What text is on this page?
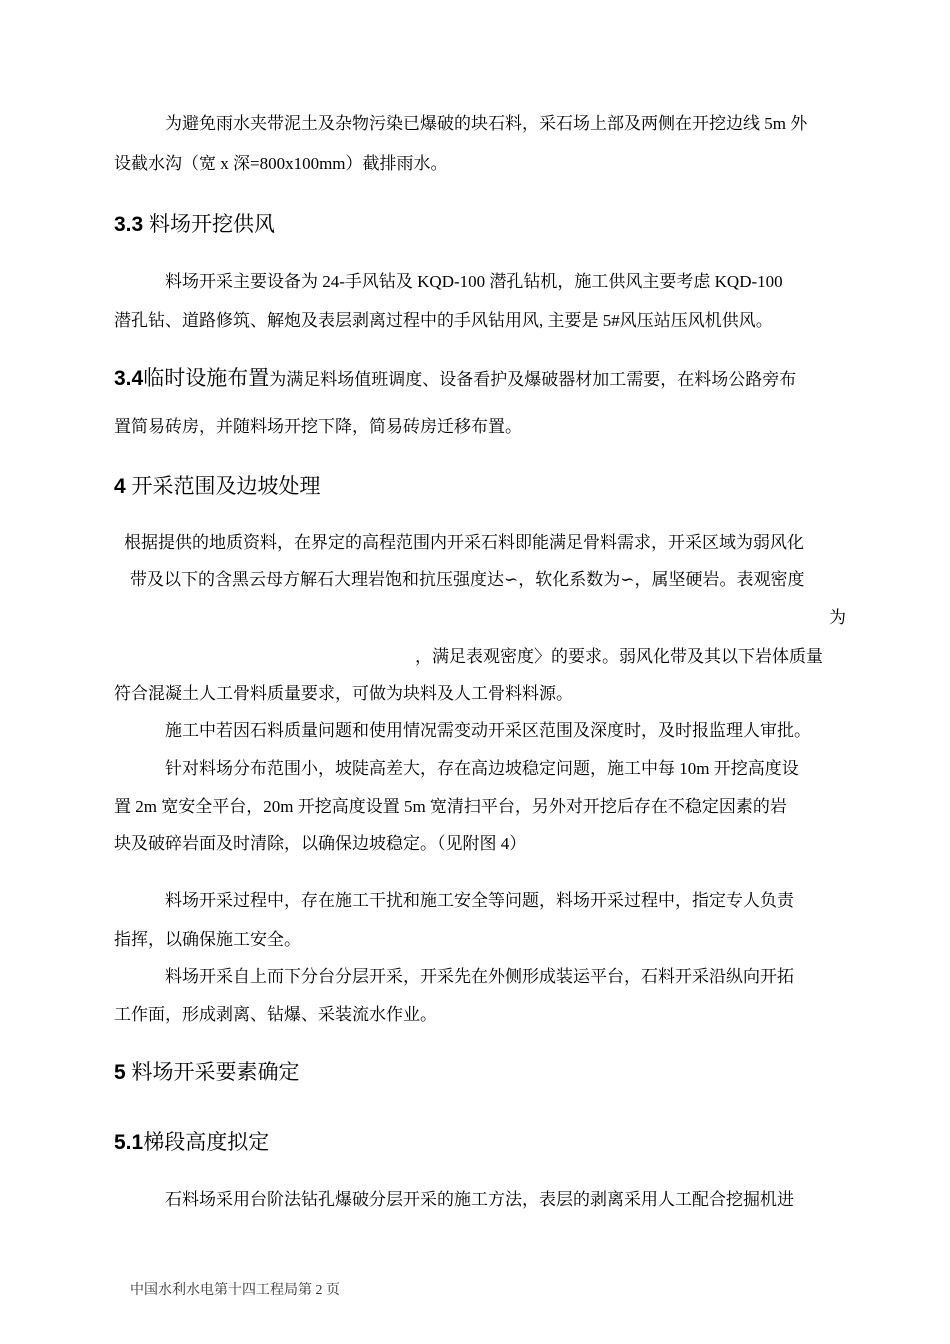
为避免雨水夹带泥土及杂物污染已爆破的块石料，采石场上部及两侧在开挖边线 5m 外
设截水沟（宽 x 深=800x100mm）截排雨水。
3.3 料场开挖供风
料场开采主要设备为 24-手风钻及 KQD-100 潜孔钻机，施工供风主要考虑 KQD-100
潜孔钻、道路修筑、解炮及表层剥离过程中的手风钻用风, 主要是 5#风压站压风机供风。
3.4临时设施布置为满足料场值班调度、设备看护及爆破器材加工需要，在料场公路旁布
置简易砖房，并随料场开挖下降，简易砖房迁移布置。
4 开采范围及边坡处理
根据提供的地质资料，在界定的高程范围内开采石料即能满足骨料需求，开采区域为弱风化
带及以下的含黑云母方解石大理岩饱和抗压强度达∽，软化系数为∽，属坚硬岩。表观密度
为
，满足表观密度〉的要求。弱风化带及其以下岩体质量
符合混凝土人工骨料质量要求，可做为块料及人工骨料料源。
施工中若因石料质量问题和使用情况需变动开采区范围及深度时，及时报监理人审批。
针对料场分布范围小，坡陡高差大，存在高边坡稳定问题，施工中每 10m 开挖高度设
置 2m 宽安全平台，20m 开挖高度设置 5m 宽清扫平台，另外对开挖后存在不稳定因素的岩
块及破碎岩面及时清除，以确保边坡稳定。（见附图 4）
料场开采过程中，存在施工干扰和施工安全等问题，料场开采过程中，指定专人负责
指挥，以确保施工安全。
料场开采自上而下分台分层开采，开采先在外侧形成装运平台，石料开采沿纵向开拓
工作面，形成剥离、钻爆、采装流水作业。
5 料场开采要素确定
5.1梯段高度拟定
石料场采用台阶法钻孔爆破分层开采的施工方法，表层的剥离采用人工配合挖掘机进
中国水利水电第十四工程局第 2 页
